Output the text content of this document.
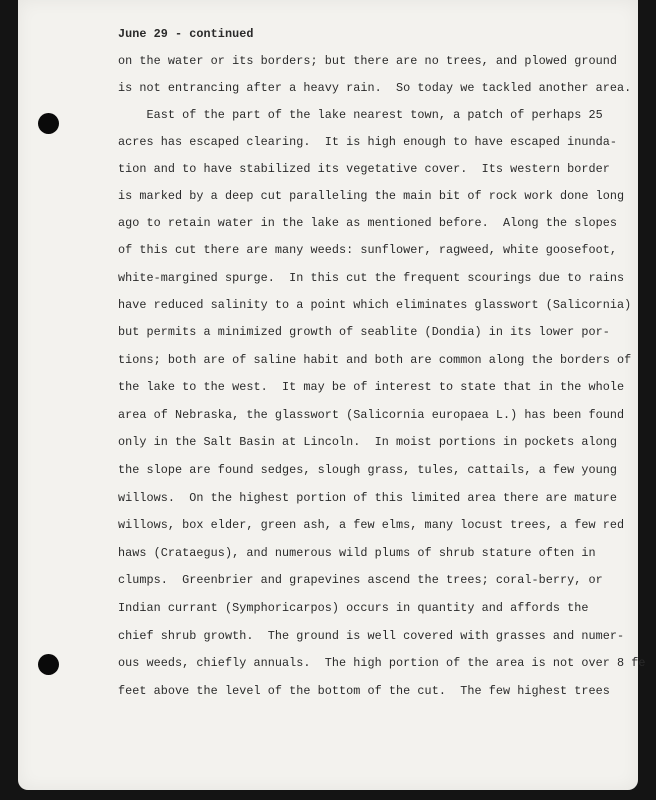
June 29 - continued
on the water or its borders; but there are no trees, and plowed ground
is not entrancing after a heavy rain.  So today we tackled another area.
East of the part of the lake nearest town, a patch of perhaps 25
acres has escaped clearing.  It is high enough to have escaped inunda-
tion and to have stabilized its vegetative cover.  Its western border
is marked by a deep cut paralleling the main bit of rock work done long
ago to retain water in the lake as mentioned before.  Along the slopes
of this cut there are many weeds: sunflower, ragweed, white goosefoot,
white-margined spurge.  In this cut the frequent scourings due to rains
have reduced salinity to a point which eliminates glasswort (Salicornia)
but permits a minimized growth of seablite (Dondia) in its lower por-
tions; both are of saline habit and both are common along the borders of
the lake to the west.  It may be of interest to state that in the whole
area of Nebraska, the glasswort (Salicornia europaea L.) has been found
only in the Salt Basin at Lincoln.  In moist portions in pockets along
the slope are found sedges, slough grass, tules, cattails, a few young
willows.  On the highest portion of this limited area there are mature
willows, box elder, green ash, a few elms, many locust trees, a few red
haws (Crataegus), and numerous wild plums of shrub stature often in
clumps.  Greenbrier and grapevines ascend the trees; coral-berry, or
Indian currant (Symphoricarpos) occurs in quantity and affords the
chief shrub growth.  The ground is well covered with grasses and numer-
ous weeds, chiefly annuals.  The high portion of the area is not over 8 fe
feet above the level of the bottom of the cut.  The few highest trees
